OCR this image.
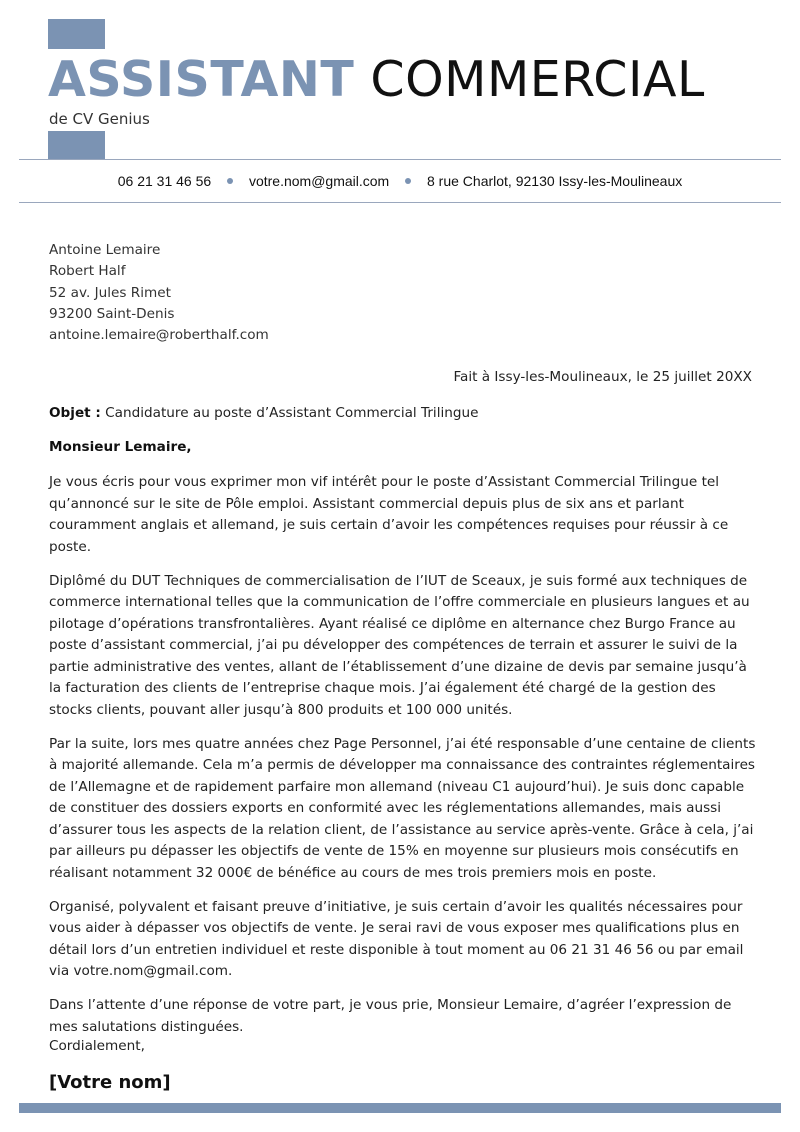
ASSISTANT COMMERCIAL
de CV Genius
06 21 31 46 56	votre.nom@gmail.com	8 rue Charlot, 92130 Issy-les-Moulineaux
Antoine Lemaire
Robert Half
52 av. Jules Rimet
93200 Saint-Denis
antoine.lemaire@roberthalf.com
Fait à Issy-les-Moulineaux, le 25 juillet 20XX
Objet : Candidature au poste d’Assistant Commercial Trilingue
Monsieur Lemaire,

Je vous écris pour vous exprimer mon vif intérêt pour le poste d’Assistant Commercial Trilingue tel qu’annoncé sur le site de Pôle emploi. Assistant commercial depuis plus de six ans et parlant couramment anglais et allemand, je suis certain d’avoir les compétences requises pour réussir à ce poste.

Diplômé du DUT Techniques de commercialisation de l’IUT de Sceaux, je suis formé aux techniques de commerce international telles que la communication de l’offre commerciale en plusieurs langues et au pilotage d’opérations transfrontalières. Ayant réalisé ce diplôme en alternance chez Burgo France au poste d’assistant commercial, j’ai pu développer des compétences de terrain et assurer le suivi de la partie administrative des ventes, allant de l’établissement d’une dizaine de devis par semaine jusqu’à la facturation des clients de l’entreprise chaque mois. J’ai également été chargé de la gestion des stocks clients, pouvant aller jusqu’à 800 produits et 100 000 unités.

Par la suite, lors mes quatre années chez Page Personnel, j’ai été responsable d’une centaine de clients à majorité allemande. Cela m’a permis de développer ma connaissance des contraintes réglementaires de l’Allemagne et de rapidement parfaire mon allemand (niveau C1 aujourd’hui). Je suis donc capable de constituer des dossiers exports en conformité avec les réglementations allemandes, mais aussi d’assurer tous les aspects de la relation client, de l’assistance au service après-vente. Grâce à cela, j’ai par ailleurs pu dépasser les objectifs de vente de 15% en moyenne sur plusieurs mois consécutifs en réalisant notamment 32 000€ de bénéfice au cours de mes trois premiers mois en poste.

Organisé, polyvalent et faisant preuve d’initiative, je suis certain d’avoir les qualités nécessaires pour vous aider à dépasser vos objectifs de vente. Je serai ravi de vous exposer mes qualifications plus en détail lors d’un entretien individuel et reste disponible à tout moment au 06 21 31 46 56 ou par email via votre.nom@gmail.com.

Dans l’attente d’une réponse de votre part, je vous prie, Monsieur Lemaire, d’agréer l’expression de mes salutations distinguées.

Cordialement,
[Votre nom]
